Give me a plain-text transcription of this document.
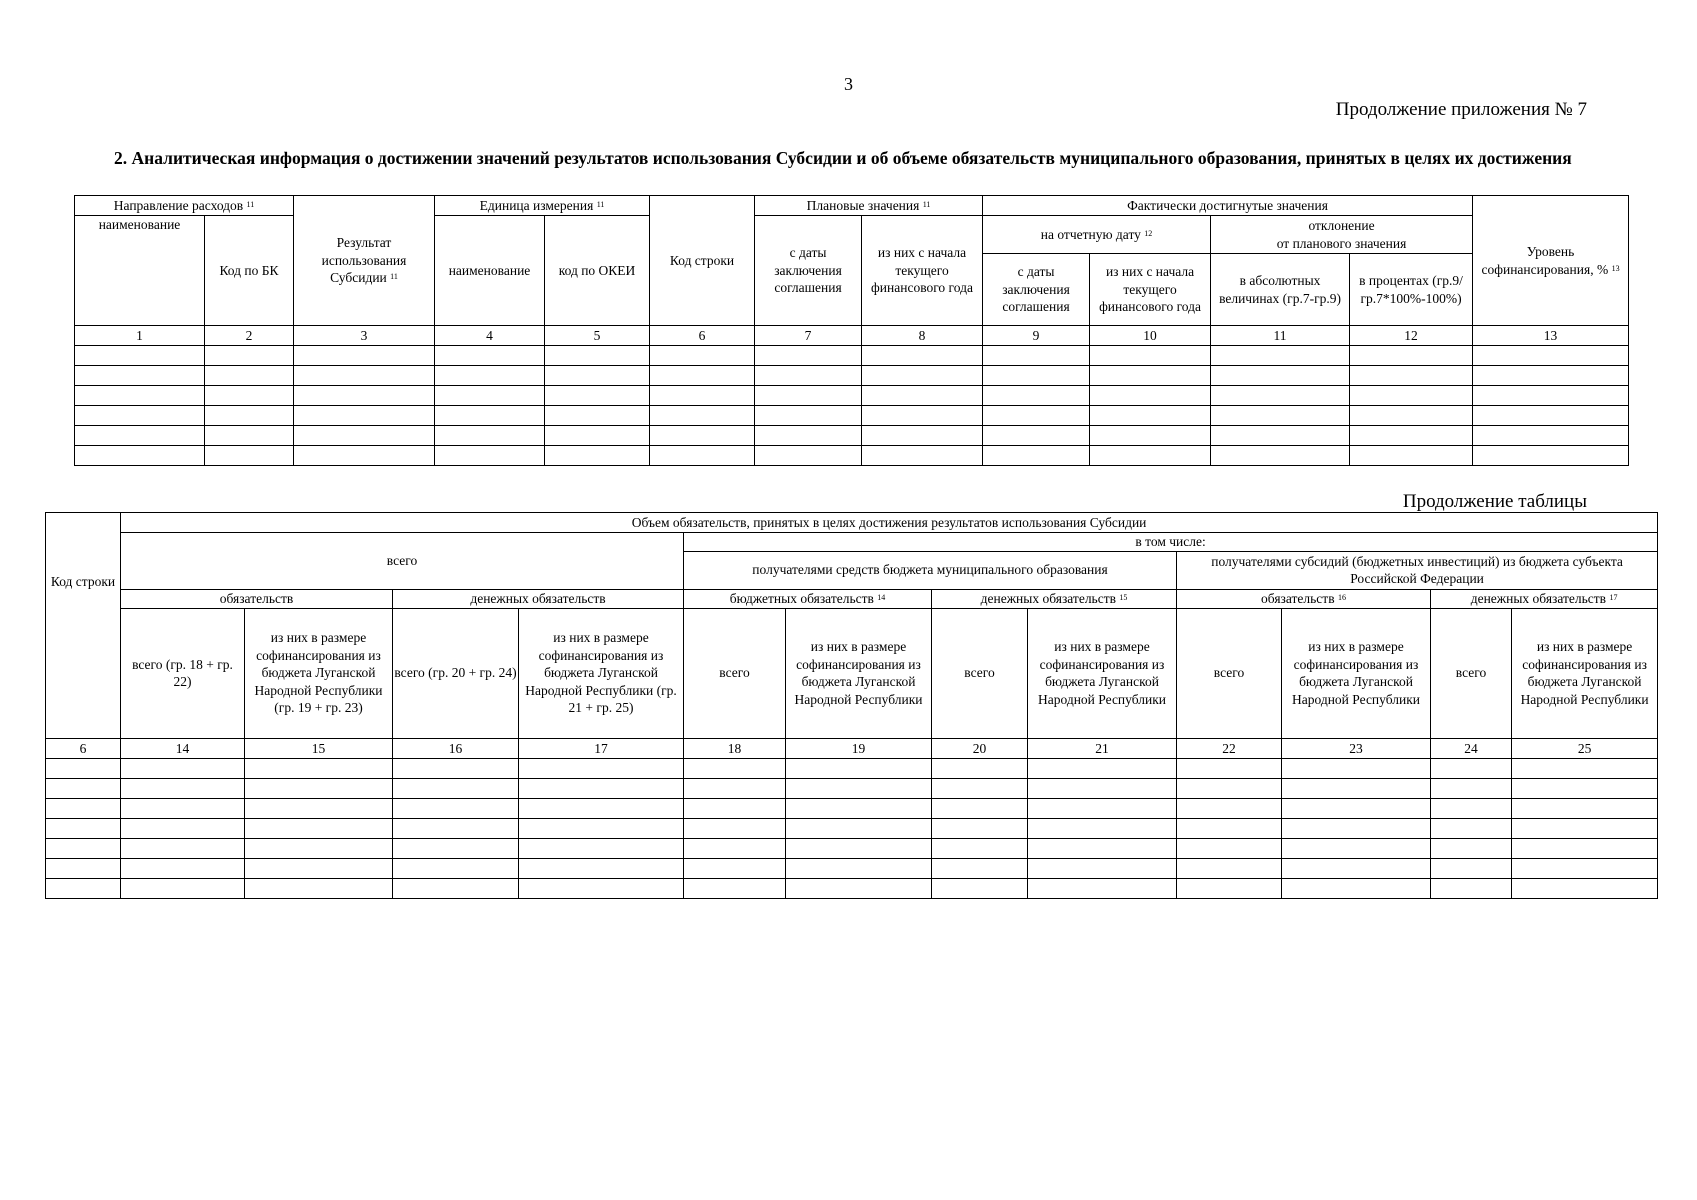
3
Продолжение приложения № 7
2. Аналитическая информация о достижении значений результатов использования Субсидии и об объеме обязательств муниципального образования, принятых в целях их достижения
Направление расходов $^{11}$		Результат использования Субсидии $^{11}$	Единица измерения $^{11}$		Код строки	Плановые значения $^{11}$		Фактически достигнутые значения				Уровень софинансирования, % $^{13}$
наименование	Код по БК		наименование	код по ОКЕИ		с даты заключения соглашения	из них с начала текущего финансового года	на отчетную дату $^{12}$		отклонение
от планового значения		
								с даты заключения соглашения	из них с начала текущего финансового года	в абсолютных величинах (гр.7-гр.9)	в процентах (гр.9/гр.7*100%-100%)	
1	2	3	4	5	6	7	8	9	10	11	12	13

Продолжение таблицы
Код строки	Объем обязательств, принятых в целях достижения результатов использования Субсидии											
	всего				в том числе:							
					получателями средств бюджета муниципального образования				получателями субсидий (бюджетных инвестиций) из бюджета субъекта Российской Федерации			
	обязательств		денежных обязательств		бюджетных обязательств $^{14}$		денежных обязательств $^{15}$		обязательств $^{16}$		денежных обязательств $^{17}$
	всего (гр. 18 + гр. 22)	из них в размере софинансирования из бюджета Луганской Народной Республики (гр. 19 + гр. 23)	всего (гр. 20 + гр. 24)	из них в размере софинансирования из бюджета Луганской Народной Республики (гр. 21 + гр. 25)	всего	из них в размере софинансирования из бюджета Луганской Народной Республики	всего	из них в размере софинансирования из бюджета Луганской Народной Республики	всего	из них в размере софинансирования из бюджета Луганской Народной Республики	всего	из них в размере софинансирования из бюджета Луганской Народной Республики
6	14	15	16	17	18	19	20	21	22	23	24	25
